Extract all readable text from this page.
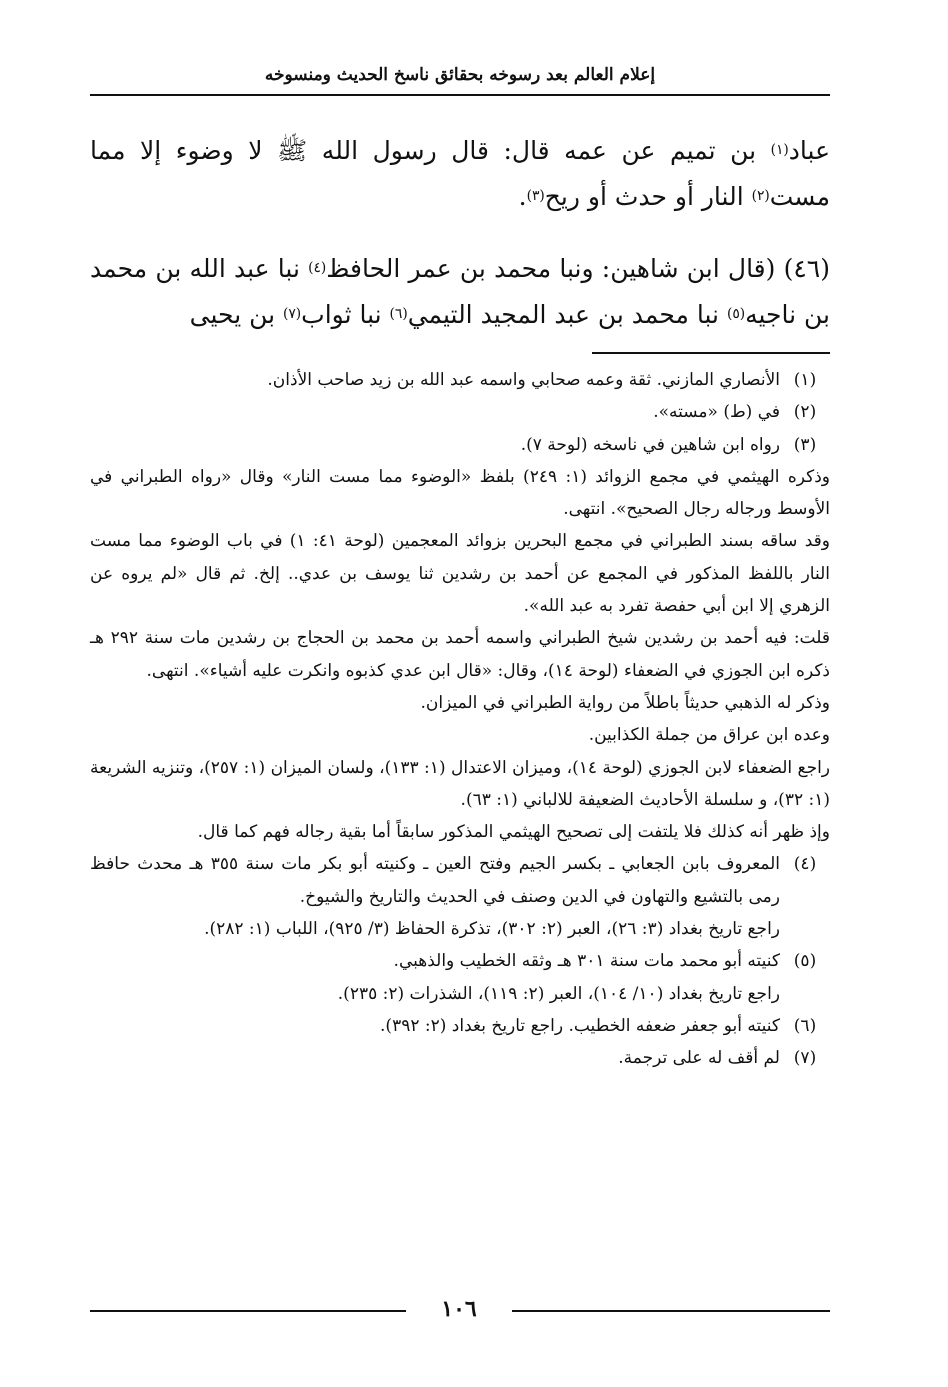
إعلام العالم بعد رسوخه بحقائق ناسخ الحديث ومنسوخه

عباد$^{(١)}$ بن تميم عن عمه قال: قال رسول الله ﷺ لا وضوء إلا مما مست$^{(٢)}$ النار أو حدث أو ريح$^{(٣)}$.

(٤٦) (قال ابن شاهين: ونبا محمد بن عمر الحافظ$^{(٤)}$ نبا عبد الله بن محمد بن ناجيه$^{(٥)}$ نبا محمد بن عبد المجيد التيمي$^{(٦)}$ نبا ثواب$^{(٧)}$ بن يحيى

(١)
الأنصاري المازني. ثقة وعمه صحابي واسمه عبد الله بن زيد صاحب الأذان.
(٢)
في (ط) «مسته».
(٣)
رواه ابن شاهين في ناسخه (لوحة ٧).
وذكره الهيثمي في مجمع الزوائد (١: ٢٤٩) بلفظ «الوضوء مما مست النار» وقال «رواه الطبراني في الأوسط ورجاله رجال الصحيح». انتهى.
وقد ساقه بسند الطبراني في مجمع البحرين بزوائد المعجمين (لوحة ٤١: ١) في باب الوضوء مما مست النار باللفظ المذكور في المجمع عن أحمد بن رشدين ثنا يوسف بن عدي.. إلخ. ثم قال «لم يروه عن الزهري إلا ابن أبي حفصة تفرد به عبد الله».
قلت: فيه أحمد بن رشدين شيخ الطبراني واسمه أحمد بن محمد بن الحجاج بن رشدين مات سنة ٢٩٢ هـ ذكره ابن الجوزي في الضعفاء (لوحة ١٤)، وقال: «قال ابن عدي كذبوه وانكرت عليه أشياء». انتهى.
وذكر له الذهبي حديثاً باطلاً من رواية الطبراني في الميزان.
وعده ابن عراق من جملة الكذابين.
راجع الضعفاء لابن الجوزي (لوحة ١٤)، وميزان الاعتدال (١: ١٣٣)، ولسان الميزان (١: ٢٥٧)، وتنزيه الشريعة (١: ٣٢)، و سلسلة الأحاديث الضعيفة للالباني (١: ٦٣).
وإذ ظهر أنه كذلك فلا يلتفت إلى تصحيح الهيثمي المذكور سابقاً أما بقية رجاله فهم كما قال.
(٤)
المعروف بابن الجعابي ـ بكسر الجيم وفتح العين ـ وكنيته أبو بكر مات سنة ٣٥٥ هـ محدث حافظ رمى بالتشيع والتهاون في الدين وصنف في الحديث والتاريخ والشيوخ.
راجع تاريخ بغداد (٣: ٢٦)، العبر (٢: ٣٠٢)، تذكرة الحفاظ (٣/ ٩٢٥)، اللباب (١: ٢٨٢).
(٥)
كنيته أبو محمد مات سنة ٣٠١ هـ وثقه الخطيب والذهبي.
راجع تاريخ بغداد (١٠/ ١٠٤)، العبر (٢: ١١٩)، الشذرات (٢: ٢٣٥).
(٦)
كنيته أبو جعفر ضعفه الخطيب. راجع تاريخ بغداد (٢: ٣٩٢).
(٧)
لم أقف له على ترجمة.
١٠٦
